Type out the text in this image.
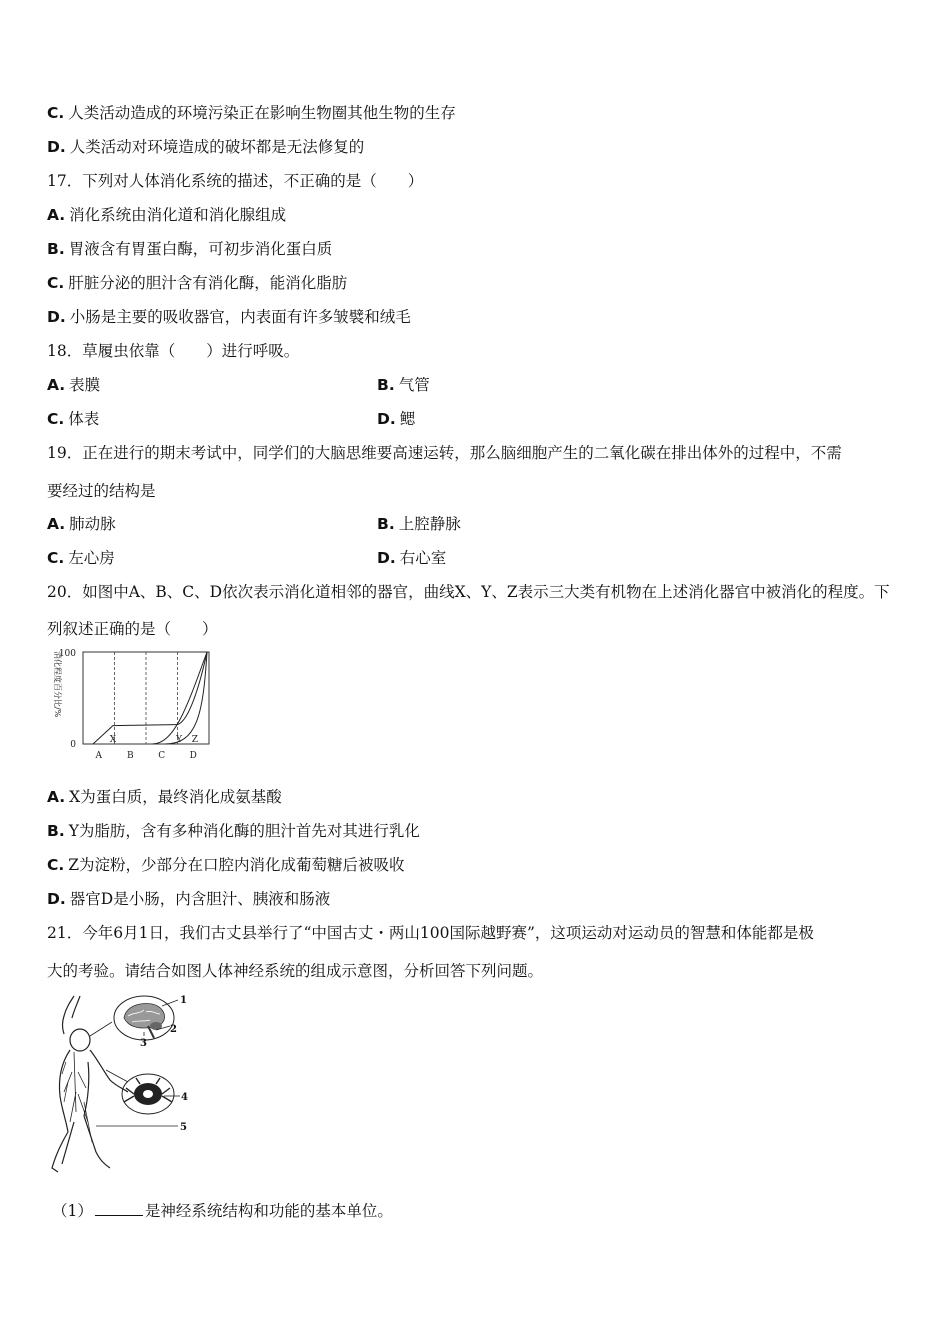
C. 人类活动造成的环境污染正在影响生物圈其他生物的生存
D. 人类活动对环境造成的破坏都是无法修复的
17．下列对人体消化系统的描述，不正确的是（　　）
A. 消化系统由消化道和消化腺组成
B. 胃液含有胃蛋白酶，可初步消化蛋白质
C. 肝脏分泌的胆汁含有消化酶，能消化脂肪
D. 小肠是主要的吸收器官，内表面有许多皱襞和绒毛
18．草履虫依靠（　　）进行呼吸。
A. 表膜	B. 气管
C. 体表	D. 鳃
19．正在进行的期末考试中，同学们的大脑思维要高速运转，那么脑细胞产生的二氧化碳在排出体外的过程中，不需
要经过的结构是
A. 肺动脉	B. 上腔静脉
C. 左心房	D. 右心室
20．如图中A、B、C、D依次表示消化道相邻的器官，曲线X、Y、Z表示三大类有机物在上述消化器官中被消化的程度。下
列叙述正确的是（　　）
消化程度百分比/%
100
0
A	B	C	D
X	Y Z
A. X为蛋白质，最终消化成氨基酸
B. Y为脂肪，含有多种消化酶的胆汁首先对其进行乳化
C. Z为淀粉，少部分在口腔内消化成葡萄糖后被吸收
D. 器官D是小肠，内含胆汁、胰液和肠液
21．今年6月1日，我们古丈县举行了“中国古丈・两山100国际越野赛”，这项运动对运动员的智慧和体能都是极
大的考验。请结合如图人体神经系统的组成示意图，分析回答下列问题。
1
2
3
4
5
（1）	是神经系统结构和功能的基本单位。
